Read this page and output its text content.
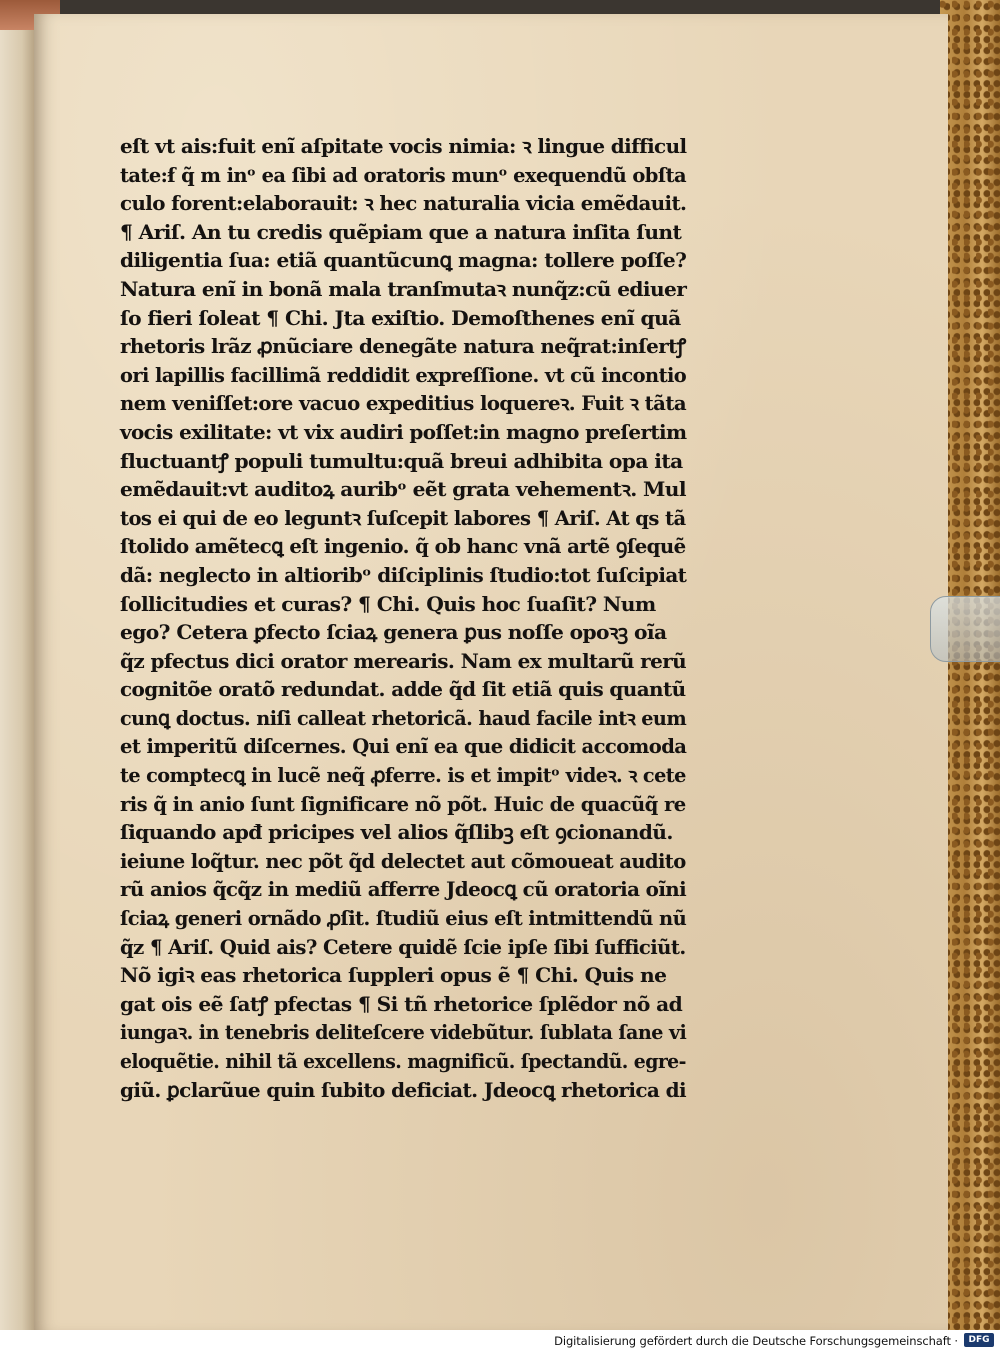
eſt vt ais:fuit enĩ aſpitate vocis nimia: ꝛ lingue difficul
tate:ẜ q̃ m inᵒ ea ſibi ad oratoris munᵒ exequendũ obſta
culo forent:elaborauit: ꝛ hec naturalia vicia emẽdauit.
¶ Ariſ. An tu credis quẽpiam que a natura inſita ſunt
diligentia ſua: etiã quantũcunꝗ magna: tollere poſſe?
Natura enĩ in bonã mala tranſmutaꝛ nunq̃z:cũ ediuer
ſo fieri ſoleat ¶ Chi. Jta exiſtio. Demoſthenes enĩ quã
rhetoris lrãz ꝓnũciare denegãte natura neq̃rat:inſertꝭ
ori lapillis facillimã reddidit expreſſione. vt cũ incontio
nem veniſſet:ore vacuo expeditius loquereꝛ. Fuit ꝛ tãta
vocis exilitate: vt vix audiri poſſet:in magno preſertim
fluctuantꝭ populi tumultu:quã breui adhibita opa ita
emẽdauit:vt auditoꝝ auribᵒ eẽt grata vehementꝛ. Mul
tos ei qui de eo leguntꝛ ſuſcepit labores ¶ Ariſ. At qs tã
ſtolido amẽtecꝗ eſt ingenio. q̃ ob hanc vnã artẽ ꝯſequẽ
dã: neglecto in altioribᵒ diſciplinis ſtudio:tot ſuſcipiat
ſollicitudies et curas? ¶ Chi. Quis hoc ſuaſit? Num
ego? Cetera ꝑfecto ſciaꝝ genera ꝑus noſſe opoꝛꝫ oĩa
q̃z pfectus dici orator merearis. Nam ex multarũ rerũ
cognitõe oratõ redundat. adde q̃d ſit etiã quis quantũ
cunꝗ doctus. niſi calleat rhetoricã. haud facile intꝛ eum
et imperitũ diſcernes. Qui enĩ ea que didicit accomoda
te comptecꝗ in lucẽ neq̃ ꝓferre. is et impitᵒ videꝛ. ꝛ cete
ris q̃ in anio ſunt ſignificare nõ põt. Huic de quacũq̃ re
ſiquando apđ pricipes vel alios q̃ſlibꝫ eſt ꝯcionandũ.
ieiune loq̃tur. nec põt q̃d delectet aut cõmoueat audito
rũ anios q̃cq̃z in mediũ afferre Jdeocꝗ cũ oratoria oĩni
ſciaꝝ generi ornãdo ꝓſit. ſtudiũ eius eſt intmittendũ nũ
q̃z ¶ Ariſ. Quid ais? Cetere quidẽ ſcie ipſe ſibi ſufficiũt.
Nõ igiꝛ eas rhetorica ſuppleri opus ẽ ¶ Chi. Quis ne
gat ois eẽ ſatꝭ pfectas ¶ Si tñ rhetorice ſplẽdor nõ ad
iungaꝛ. in tenebris deliteſcere videbũtur. ſublata ſane vi
eloquẽtie. nihil tã excellens. magnificũ. ſpectandũ. egre-
giũ. ꝑclarũue quin ſubito deficiat. Jdeocꝗ rhetorica di
Digitalisierung gefördert durch die Deutsche Forschungsgemeinschaft ·	DFG
